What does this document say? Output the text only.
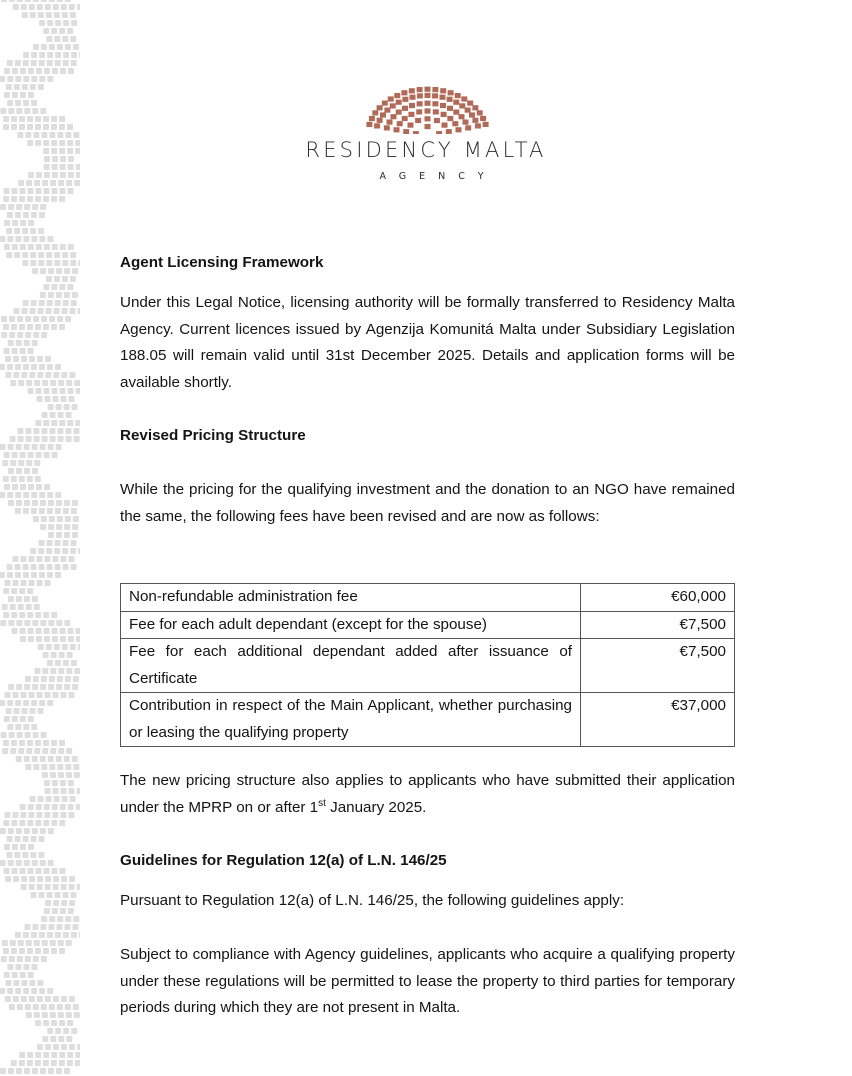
RESIDENCY MALTA
AGENCY
Agent Licensing Framework
Under this Legal Notice, licensing authority will be formally transferred to Residency Malta Agency. Current licences issued by Agenzija Komunitá Malta under Subsidiary Legislation 188.05 will remain valid until 31st December 2025. Details and application forms will be available shortly.
Revised Pricing Structure
While the pricing for the qualifying investment and the donation to an NGO have remained the same, the following fees have been revised and are now as follows:
Non-refundable administration fee	€60,000
Fee for each adult dependant (except for the spouse)	€7,500
Fee for each additional dependant added after issuance of Certificate	€7,500
Contribution in respect of the Main Applicant, whether purchasing or leasing the qualifying property	€37,000
The new pricing structure also applies to applicants who have submitted their application under the MPRP on or after 1st January 2025.
Guidelines for Regulation 12(a) of L.N. 146/25
Pursuant to Regulation 12(a) of L.N. 146/25, the following guidelines apply:
Subject to compliance with Agency guidelines, applicants who acquire a qualifying property under these regulations will be permitted to lease the property to third parties for temporary periods during which they are not present in Malta.
